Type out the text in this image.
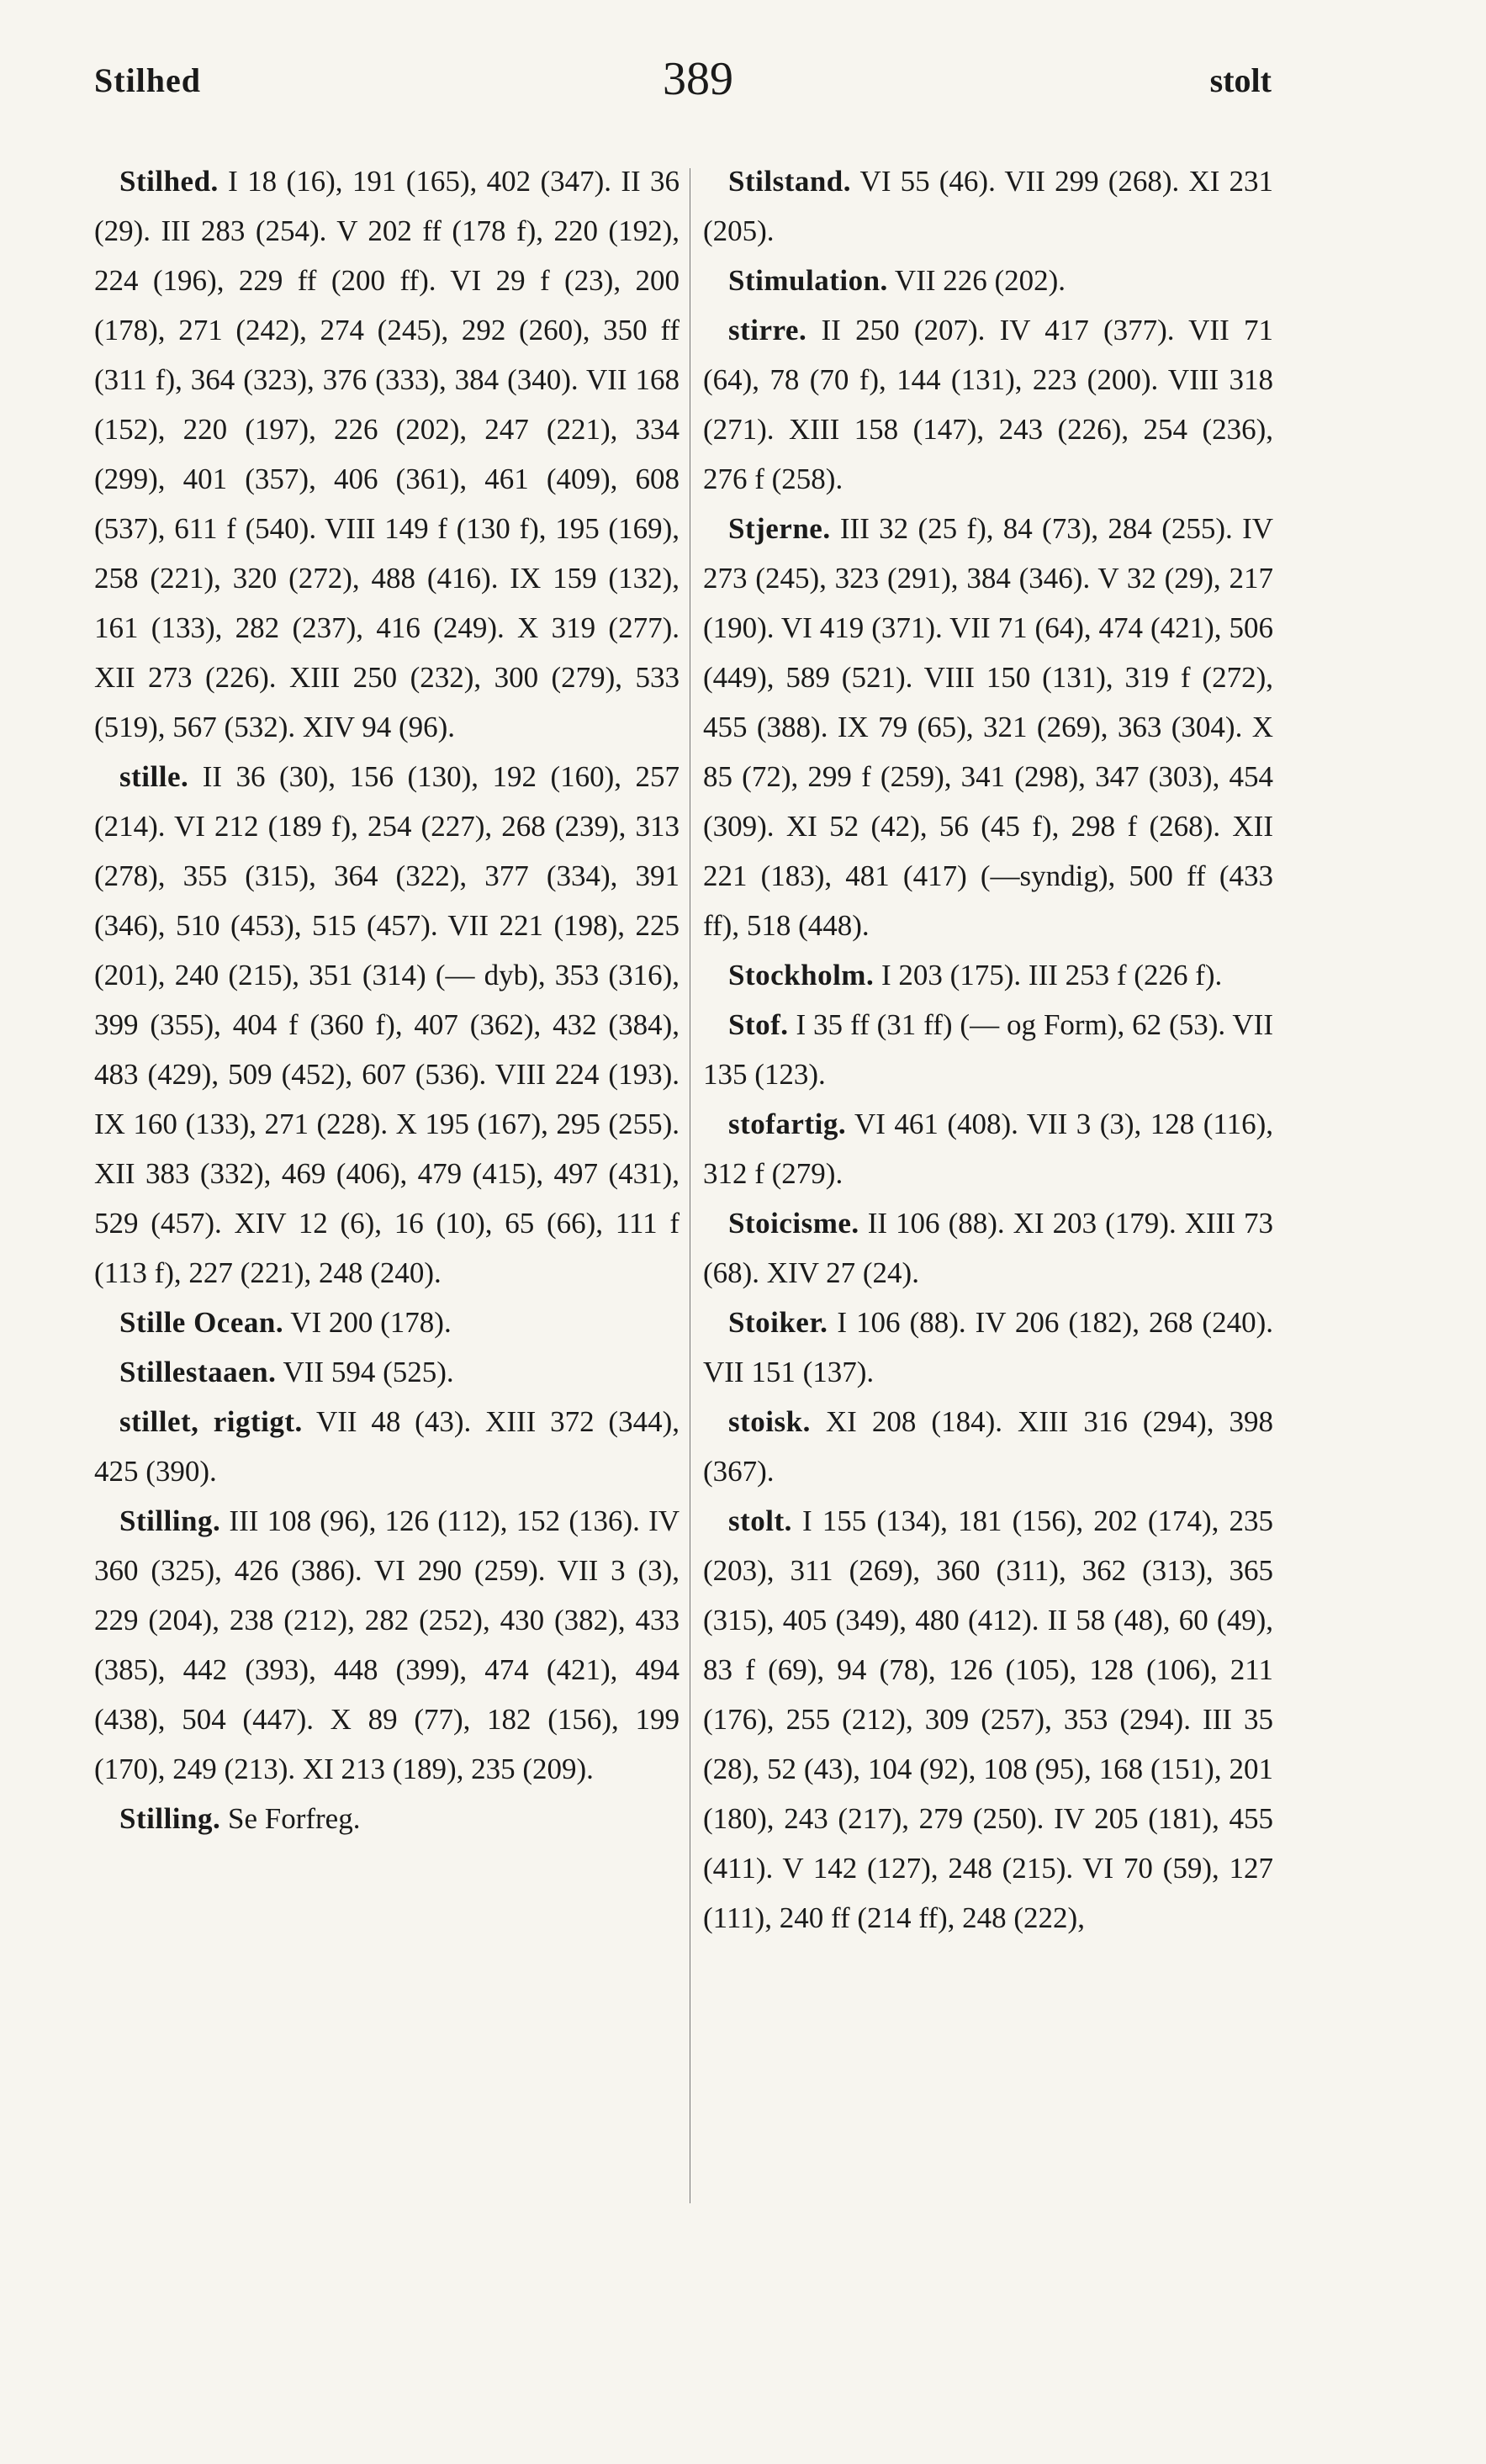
Stilhed	389	stolt

Stilhed. I 18 (16), 191 (165), 402 (347). II 36 (29). III 283 (254). V 202 ff (178 f), 220 (192), 224 (196), 229 ff (200 ff). VI 29 f (23), 200 (178), 271 (242), 274 (245), 292 (260), 350 ff (311 f), 364 (323), 376 (333), 384 (340). VII 168 (152), 220 (197), 226 (202), 247 (221), 334 (299), 401 (357), 406 (361), 461 (409), 608 (537), 611 f (540). VIII 149 f (130 f), 195 (169), 258 (221), 320 (272), 488 (416). IX 159 (132), 161 (133), 282 (237), 416 (249). X 319 (277). XII 273 (226). XIII 250 (232), 300 (279), 533 (519), 567 (532). XIV 94 (96).

stille. II 36 (30), 156 (130), 192 (160), 257 (214). VI 212 (189 f), 254 (227), 268 (239), 313 (278), 355 (315), 364 (322), 377 (334), 391 (346), 510 (453), 515 (457). VII 221 (198), 225 (201), 240 (215), 351 (314) (— dyb), 353 (316), 399 (355), 404 f (360 f), 407 (362), 432 (384), 483 (429), 509 (452), 607 (536). VIII 224 (193). IX 160 (133), 271 (228). X 195 (167), 295 (255). XII 383 (332), 469 (406), 479 (415), 497 (431), 529 (457). XIV 12 (6), 16 (10), 65 (66), 111 f (113 f), 227 (221), 248 (240).

Stille Ocean. VI 200 (178).

Stillestaaen. VII 594 (525).

stillet, rigtigt. VII 48 (43). XIII 372 (344), 425 (390).

Stilling. III 108 (96), 126 (112), 152 (136). IV 360 (325), 426 (386). VI 290 (259). VII 3 (3), 229 (204), 238 (212), 282 (252), 430 (382), 433 (385), 442 (393), 448 (399), 474 (421), 494 (438), 504 (447). X 89 (77), 182 (156), 199 (170), 249 (213). XI 213 (189), 235 (209).

Stilling. Se Forfreg.

Stilstand. VI 55 (46). VII 299 (268). XI 231 (205).

Stimulation. VII 226 (202).

stirre. II 250 (207). IV 417 (377). VII 71 (64), 78 (70 f), 144 (131), 223 (200). VIII 318 (271). XIII 158 (147), 243 (226), 254 (236), 276 f (258).

Stjerne. III 32 (25 f), 84 (73), 284 (255). IV 273 (245), 323 (291), 384 (346). V 32 (29), 217 (190). VI 419 (371). VII 71 (64), 474 (421), 506 (449), 589 (521). VIII 150 (131), 319 f (272), 455 (388). IX 79 (65), 321 (269), 363 (304). X 85 (72), 299 f (259), 341 (298), 347 (303), 454 (309). XI 52 (42), 56 (45 f), 298 f (268). XII 221 (183), 481 (417) (—syndig), 500 ff (433 ff), 518 (448).

Stockholm. I 203 (175). III 253 f (226 f).

Stof. I 35 ff (31 ff) (— og Form), 62 (53). VII 135 (123).

stofartig. VI 461 (408). VII 3 (3), 128 (116), 312 f (279).

Stoicisme. II 106 (88). XI 203 (179). XIII 73 (68). XIV 27 (24).

Stoiker. I 106 (88). IV 206 (182), 268 (240). VII 151 (137).

stoisk. XI 208 (184). XIII 316 (294), 398 (367).

stolt. I 155 (134), 181 (156), 202 (174), 235 (203), 311 (269), 360 (311), 362 (313), 365 (315), 405 (349), 480 (412). II 58 (48), 60 (49), 83 f (69), 94 (78), 126 (105), 128 (106), 211 (176), 255 (212), 309 (257), 353 (294). III 35 (28), 52 (43), 104 (92), 108 (95), 168 (151), 201 (180), 243 (217), 279 (250). IV 205 (181), 455 (411). V 142 (127), 248 (215). VI 70 (59), 127 (111), 240 ff (214 ff), 248 (222),
